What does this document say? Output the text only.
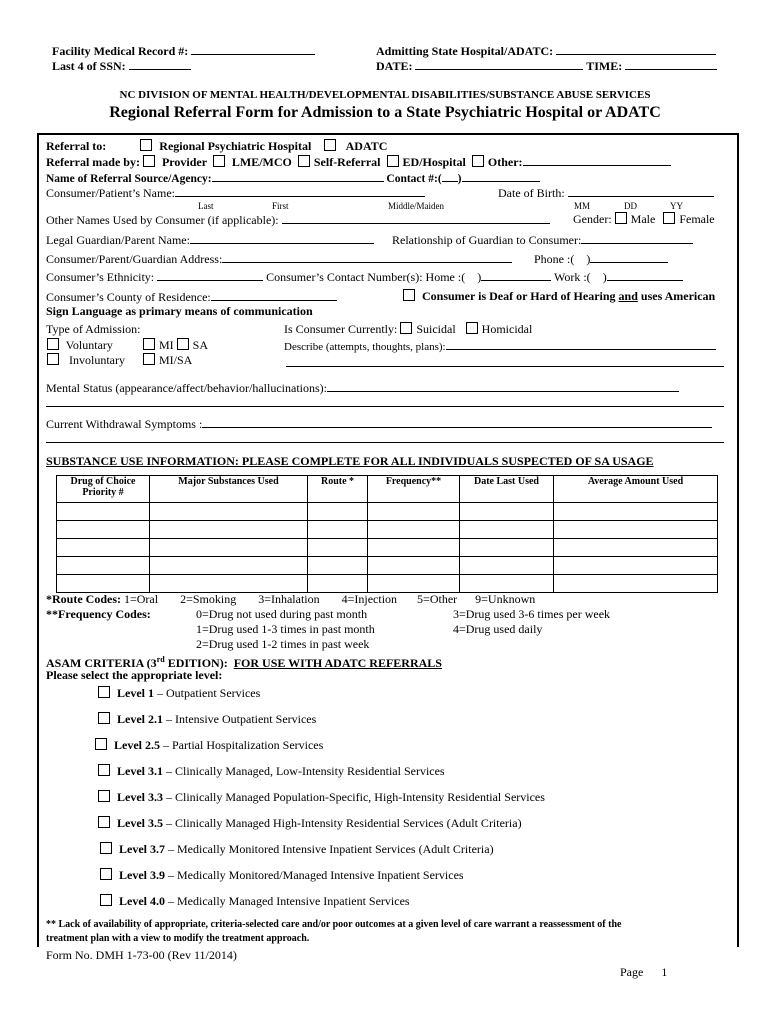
Facility Medical Record #:
Last 4 of SSN:
Admitting State Hospital/ADATC:
DATE:	TIME:
NC DIVISION OF MENTAL HEALTH/DEVELOPMENTAL DISABILITIES/SUBSTANCE ABUSE SERVICES
Regional Referral Form for Admission to a State Psychiatric Hospital or ADATC
Referral to:	Regional Psychiatric Hospital	ADATC
Referral made by: Provider LME/MCO Self-Referral ED/Hospital Other:
Name of Referral Source/Agency:	Contact #:( )
Consumer/Patient’s Name:	Date of Birth:
Last	First	Middle/Maiden	MM	DD	YY
Other Names Used by Consumer (if applicable):	Gender: Male Female
Legal Guardian/Parent Name:	Relationship of Guardian to Consumer:
Consumer/Parent/Guardian Address:	Phone :( )
Consumer’s Ethnicity:	Consumer’s Contact Number(s): Home :( )	Work :( )
Consumer’s County of Residence:	Consumer is Deaf or Hard of Hearing and uses American
Sign Language as primary means of communication
Type of Admission:
Voluntary
Involuntary
MI SA
MI/SA
Is Consumer Currently: Suicidal Homicidal
Describe (attempts, thoughts, plans):
Mental Status (appearance/affect/behavior/hallucinations):
Current Withdrawal Symptoms :
SUBSTANCE USE INFORMATION: PLEASE COMPLETE FOR ALL INDIVIDUALS SUSPECTED OF SA USAGE
Drug of Choice Priority #	Major Substances Used	Route *	Frequency**	Date Last Used	Average Amount Used

*Route Codes: 1=Oral 2=Smoking 3=Inhalation 4=Injection 5=Other 9=Unknown
**Frequency Codes:	0=Drug not used during past month	3=Drug used 3-6 times per week
1=Drug used 1-3 times in past month	4=Drug used daily
2=Drug used 1-2 times in past week
ASAM CRITERIA (3rd EDITION): FOR USE WITH ADATC REFERRALS
Please select the appropriate level:
Level 1 – Outpatient Services
Level 2.1 – Intensive Outpatient Services
Level 2.5 – Partial Hospitalization Services
Level 3.1 – Clinically Managed, Low-Intensity Residential Services
Level 3.3 – Clinically Managed Population-Specific, High-Intensity Residential Services
Level 3.5 – Clinically Managed High-Intensity Residential Services (Adult Criteria)
Level 3.7 – Medically Monitored Intensive Inpatient Services (Adult Criteria)
Level 3.9 – Medically Monitored/Managed Intensive Inpatient Services
Level 4.0 – Medically Managed Intensive Inpatient Services
** Lack of availability of appropriate, criteria-selected care and/or poor outcomes at a given level of care warrant a reassessment of the
treatment plan with a view to modify the treatment approach.
Form No. DMH 1-73-00 (Rev 11/2014)
Page 1
